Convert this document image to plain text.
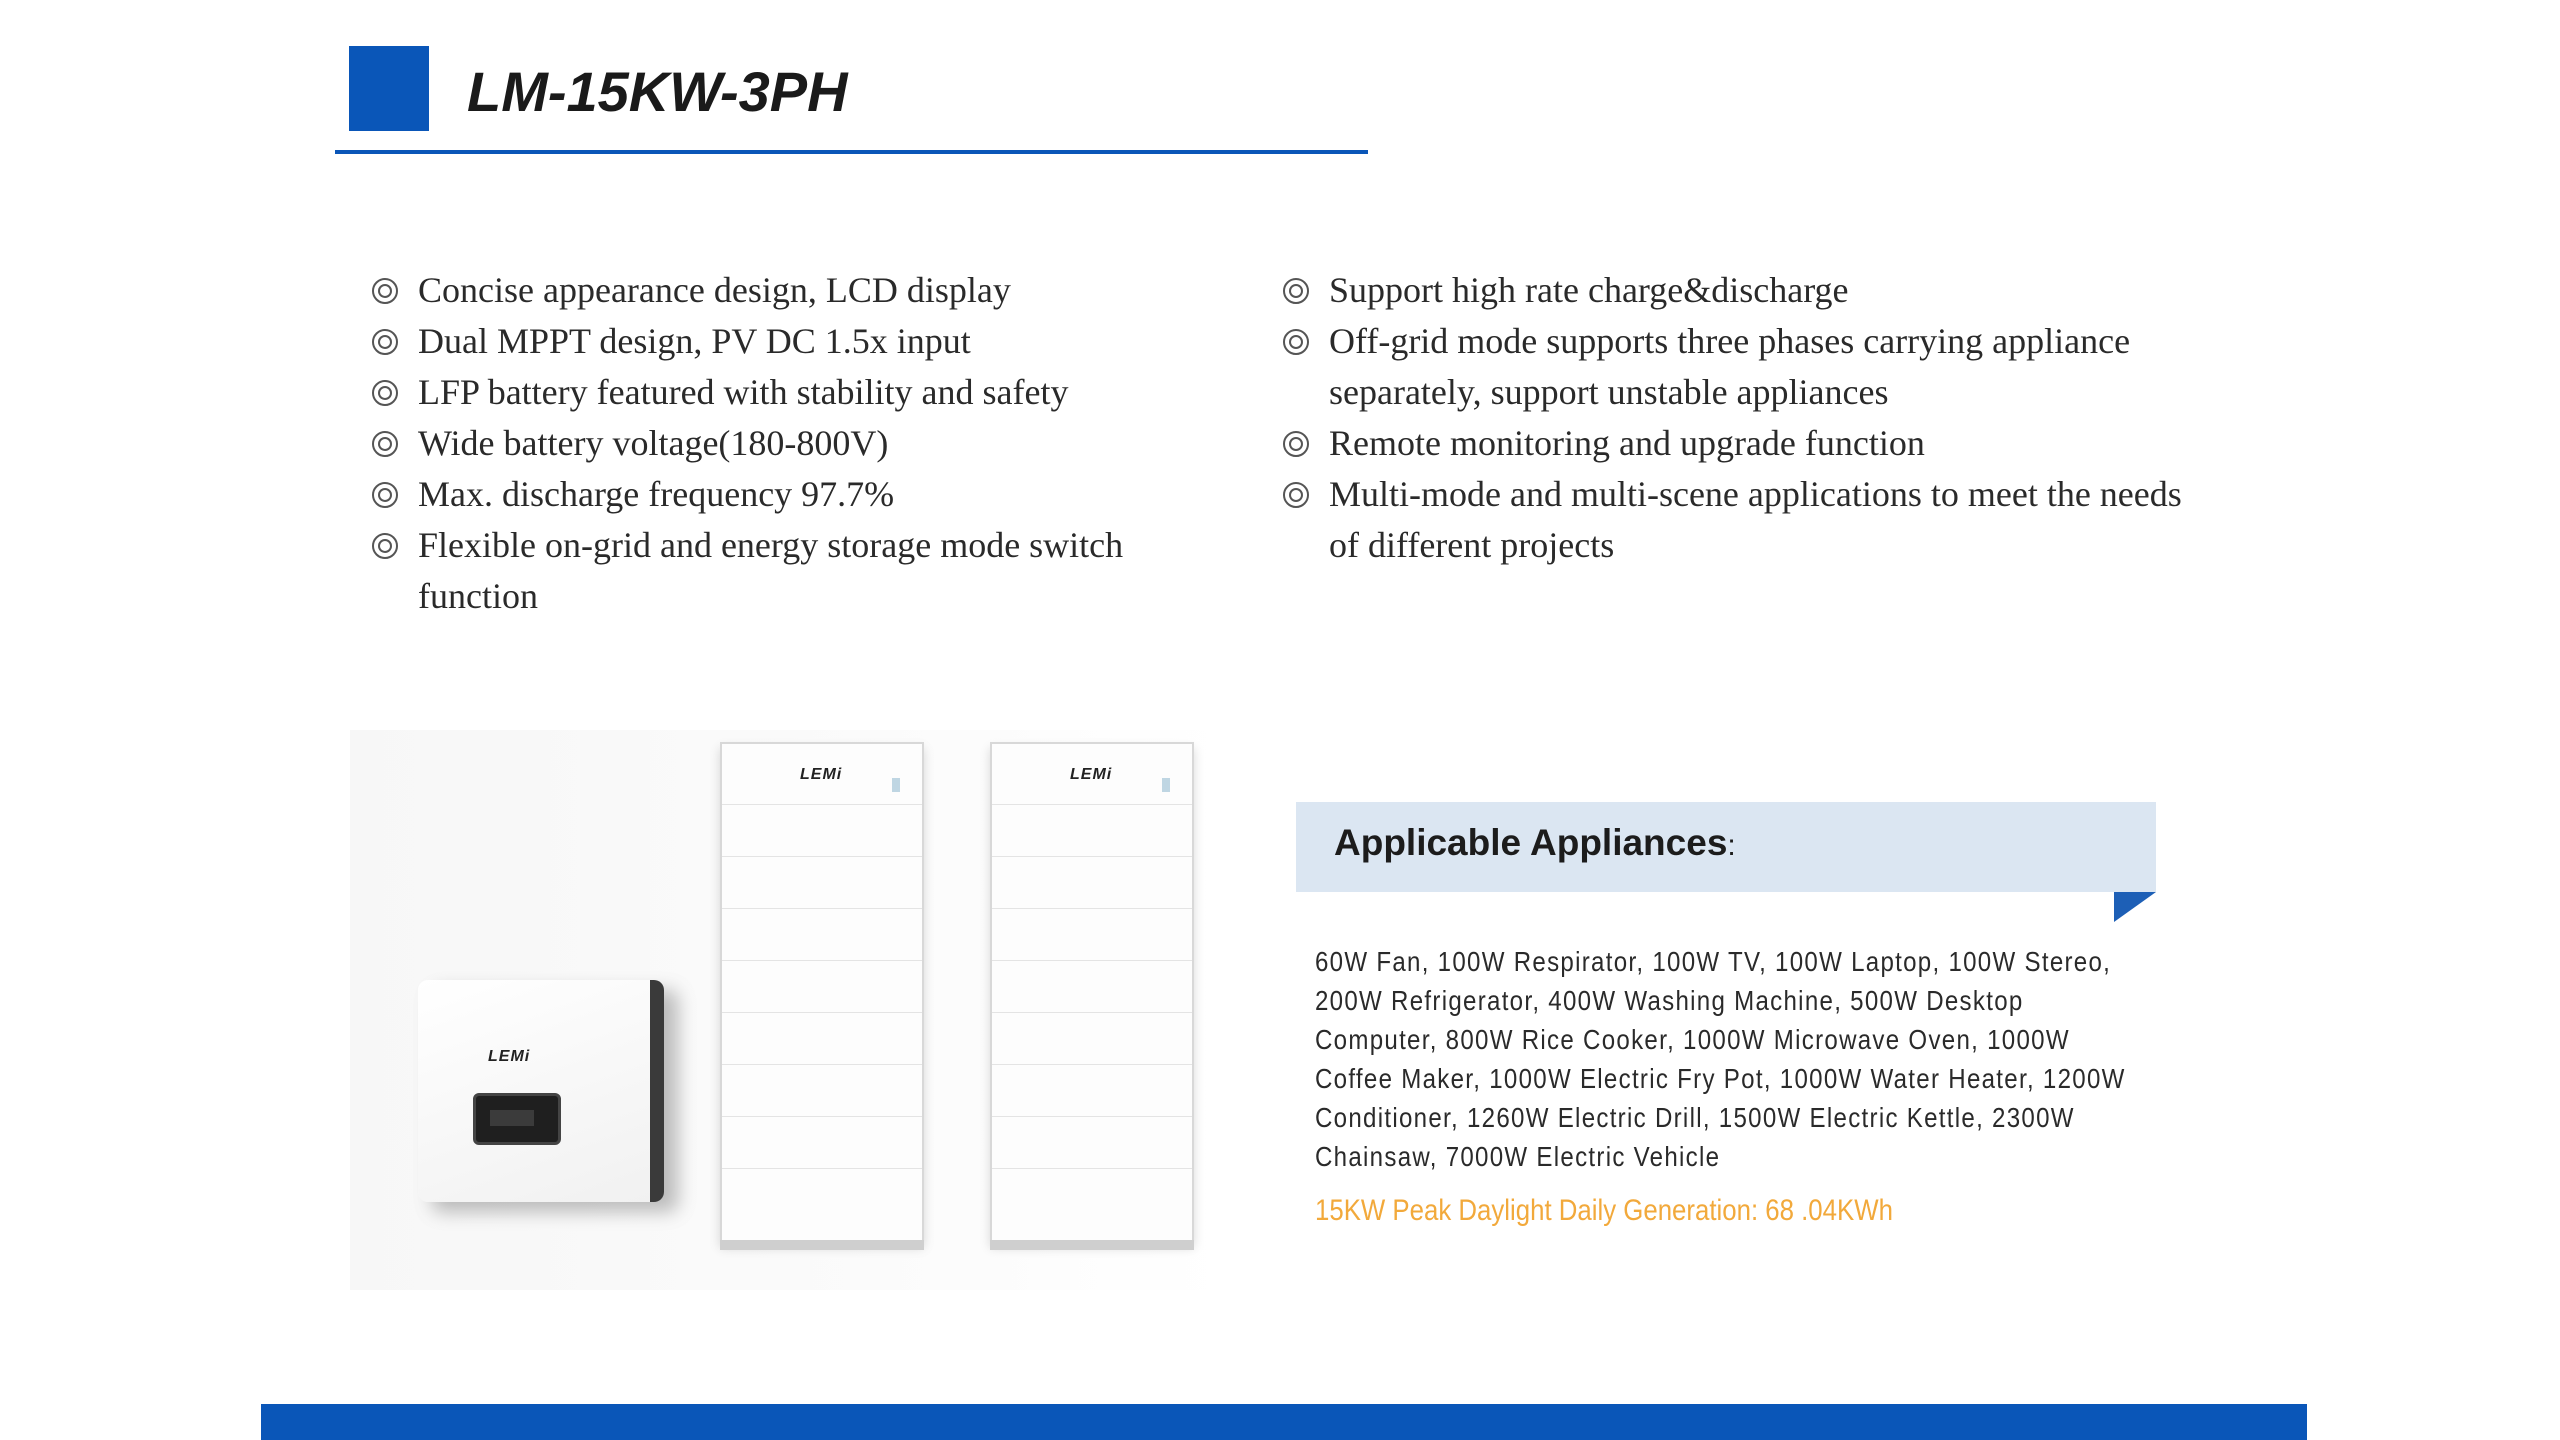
LM-15KW-3PH
Concise appearance design, LCD display
Dual MPPT design, PV DC 1.5x input
LFP battery featured with stability and safety
Wide battery voltage(180-800V)
Max. discharge frequency 97.7%
Flexible on-grid and energy storage mode switch function
Support high rate charge&discharge
Off-grid mode supports three phases carrying appliance separately, support unstable appliances
Remote monitoring and upgrade function
Multi-mode and multi-scene applications to meet the needs of different projects
LEMi
LEMi	LEMi
Applicable Appliances:
60W Fan, 100W Respirator, 100W TV, 100W Laptop, 100W Stereo, 200W Refrigerator, 400W Washing Machine, 500W Desktop Computer, 800W Rice Cooker, 1000W Microwave Oven, 1000W Coffee Maker, 1000W Electric Fry Pot, 1000W Water Heater, 1200W Conditioner, 1260W Electric Drill, 1500W Electric Kettle, 2300W Chainsaw, 7000W Electric Vehicle
15KW Peak Daylight Daily Generation: 68 .04KWh
